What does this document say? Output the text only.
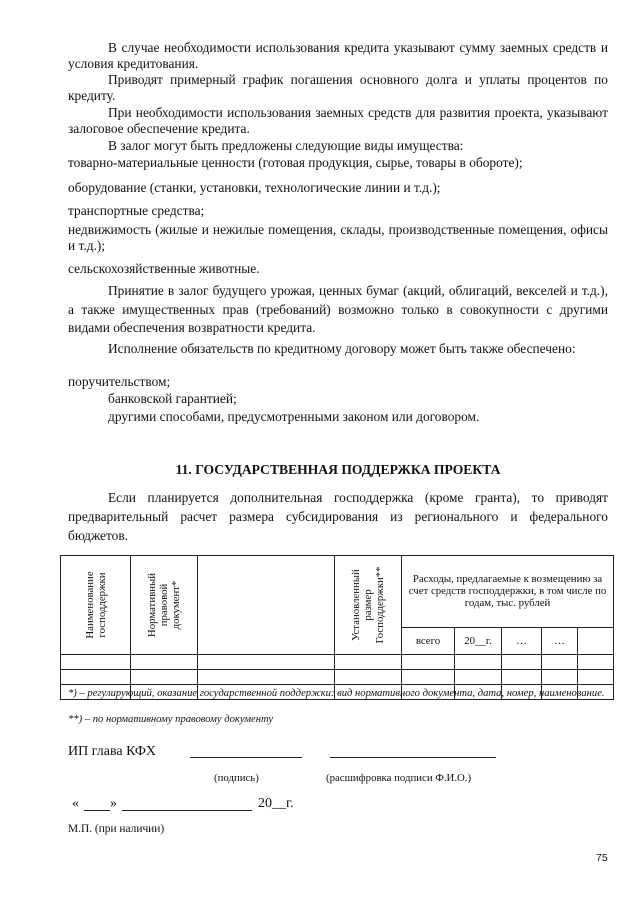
В случае необходимости использования кредита указывают сумму заемных средств и условия кредитования.

Приводят примерный график погашения основного долга и уплаты процентов по кредиту.

При необходимости использования заемных средств для развития проекта, указывают залоговое обеспечение кредита.

В залог могут быть предложены следующие виды имущества:

товарно-материальные ценности (готовая продукция, сырье, товары в обороте);

оборудование (станки, установки, технологические линии и т.д.);

транспортные средства;

недвижимость (жилые и нежилые помещения, склады, производственные помещения, офисы и т.д.);

сельскохозяйственные животные.

Принятие в залог будущего урожая, ценных бумаг (акций, облигаций, векселей и т.д.), а также имущественных прав (требований) возможно только в совокупности с другими видами обеспечения возвратности кредита.

Исполнение обязательств по кредитному договору может быть также обеспечено:

поручительством;

банковской гарантией;

другими способами, предусмотренными законом или договором.

11. ГОСУДАРСТВЕННАЯ ПОДДЕРЖКА ПРОЕКТА

Если планируется дополнительная господдержка (кроме гранта), то приводят предварительный расчет размера субсидирования из регионального и федерального бюджетов.

Наименование господдержки	Нормативный правовой документ*		Установленный размер Господдержки**	Расходы, предлагаемые к возмещению за счет средств господдержки, в том числе по годам, тыс. рублей				
				всего	20__г.	…	…	

*) – регулирующий, оказание государственной поддержки: вид нормативного документа, дата, номер, наименование.

**) – по нормативному правовому документу

ИП глава КФХ

(подпись)	(расшифровка подписи Ф.И.О.)

« »	20__г.

М.П. (при наличии)

75
